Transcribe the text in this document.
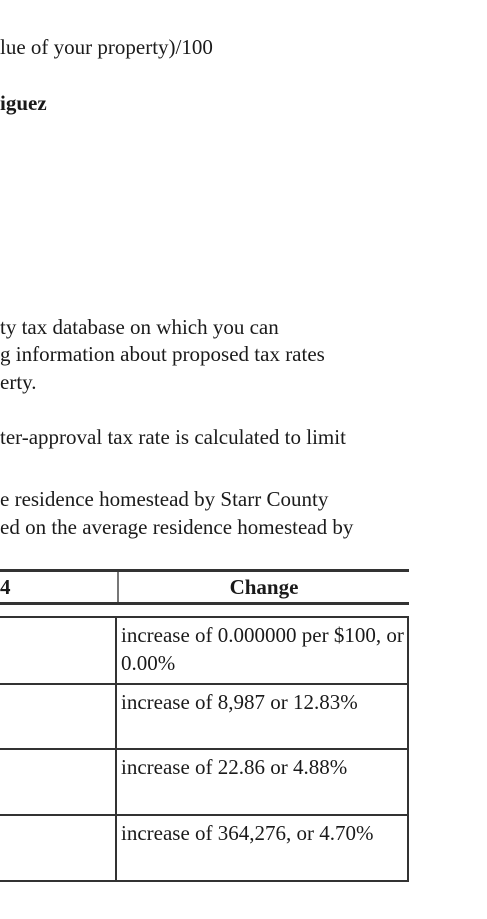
lue of your property)/100

iguez

ty tax database on which you can

g information about proposed tax rates

erty.

ter-approval tax rate is calculated to limit

e residence homestead by Starr County

ed on the average residence homestead by

4	Change
increase of 0.000000 per $100, or 0.00%
increase of 8,987 or 12.83%
increase of 22.86 or 4.88%
increase of 364,276, or 4.70%
